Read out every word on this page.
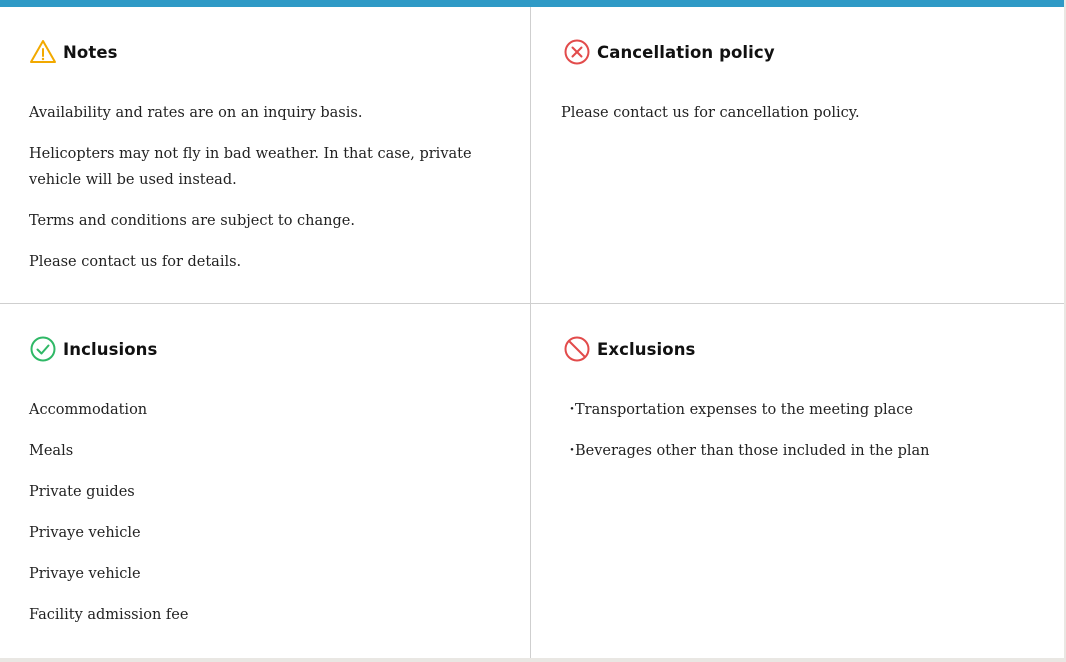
Notes

Availability and rates are on an inquiry basis.

Helicopters may not fly in bad weather. In that case, private vehicle will be used instead.

Terms and conditions are subject to change.

Please contact us for details.

Cancellation policy

Please contact us for cancellation policy.

Inclusions

Accommodation

Meals

Private guides

Privaye vehicle

Privaye vehicle

Facility admission fee

Exclusions

・
Transportation expenses to the meeting place

・
Beverages other than those included in the plan
